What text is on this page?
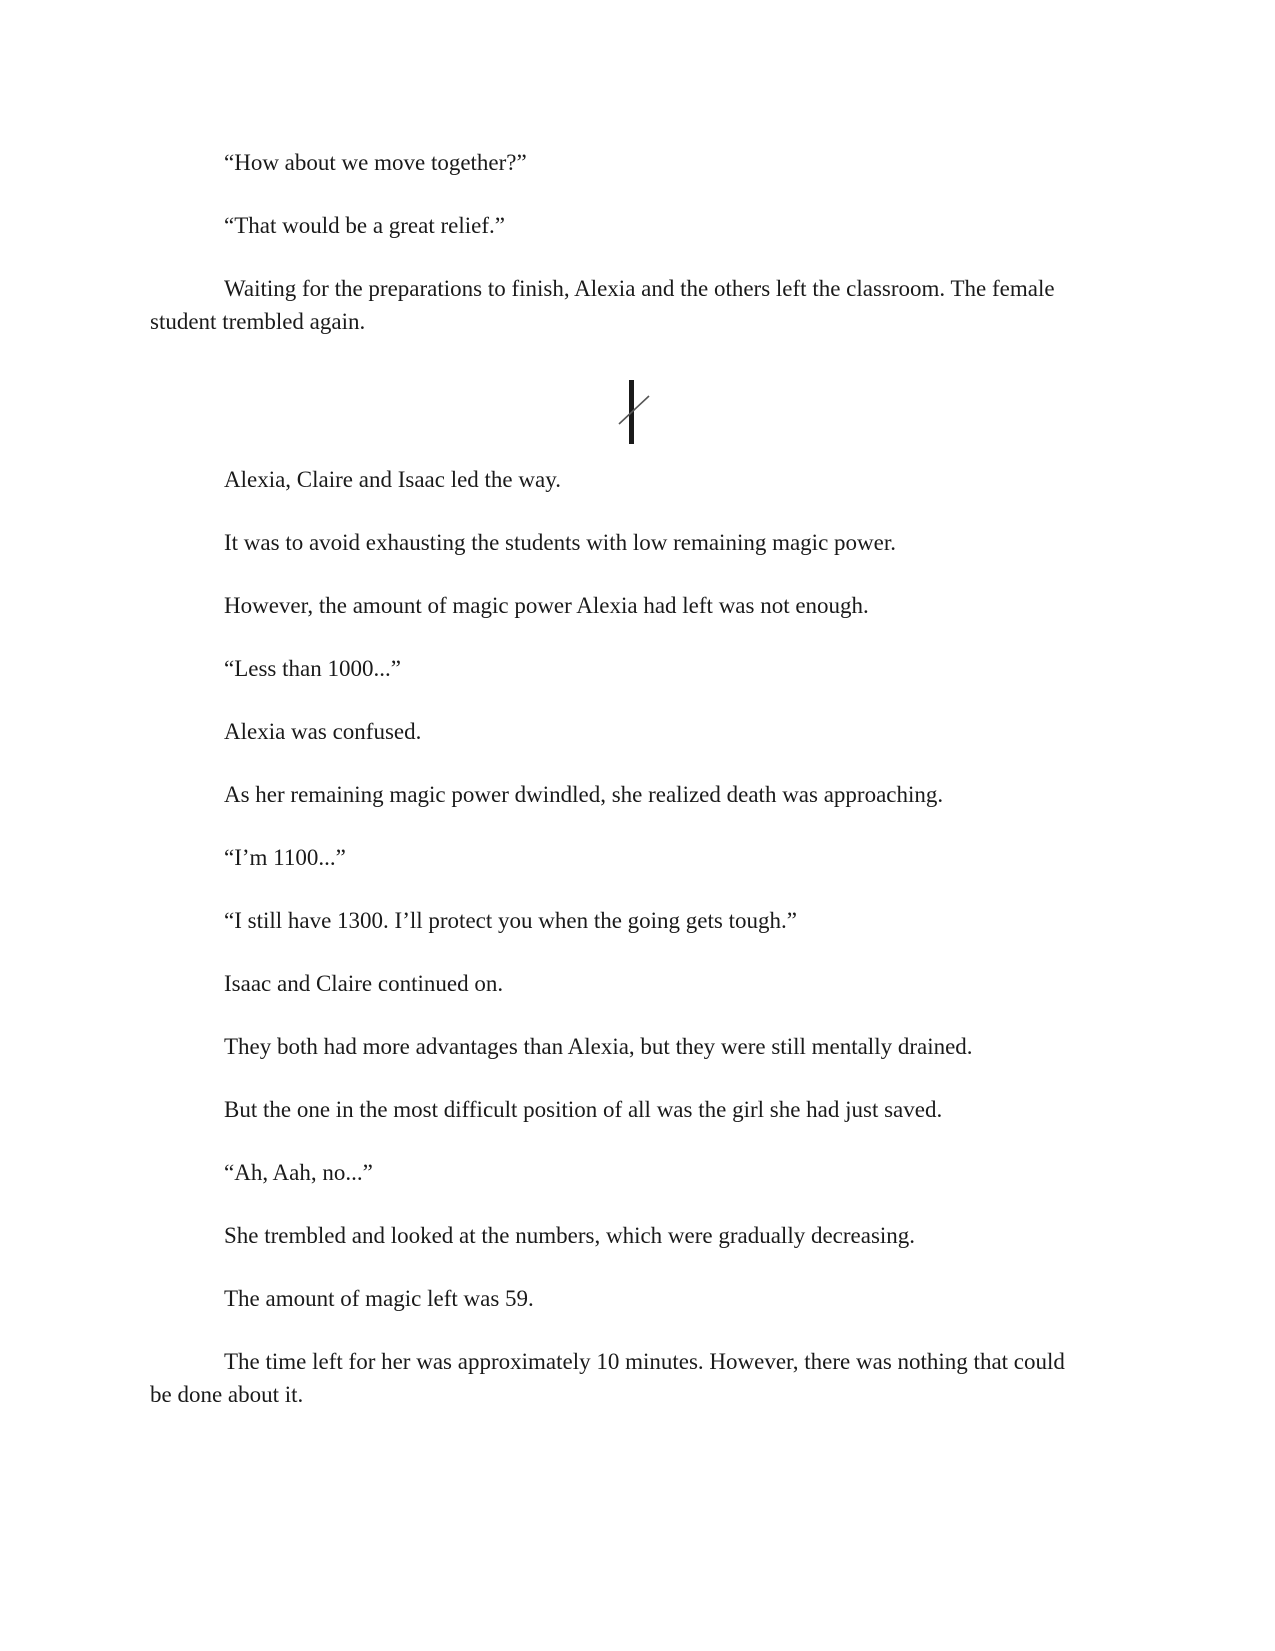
“How about we move together?”

“That would be a great relief.”

Waiting for the preparations to finish, Alexia and the others left the classroom. The female student trembled again.

Alexia, Claire and Isaac led the way.

It was to avoid exhausting the students with low remaining magic power.

However, the amount of magic power Alexia had left was not enough.

“Less than 1000...”

Alexia was confused.

As her remaining magic power dwindled, she realized death was approaching.

“I’m 1100...”

“I still have 1300. I’ll protect you when the going gets tough.”

Isaac and Claire continued on.

They both had more advantages than Alexia, but they were still mentally drained.

But the one in the most difficult position of all was the girl she had just saved.

“Ah, Aah, no...”

She trembled and looked at the numbers, which were gradually decreasing.

The amount of magic left was 59.

The time left for her was approximately 10 minutes. However, there was nothing that could be done about it.
